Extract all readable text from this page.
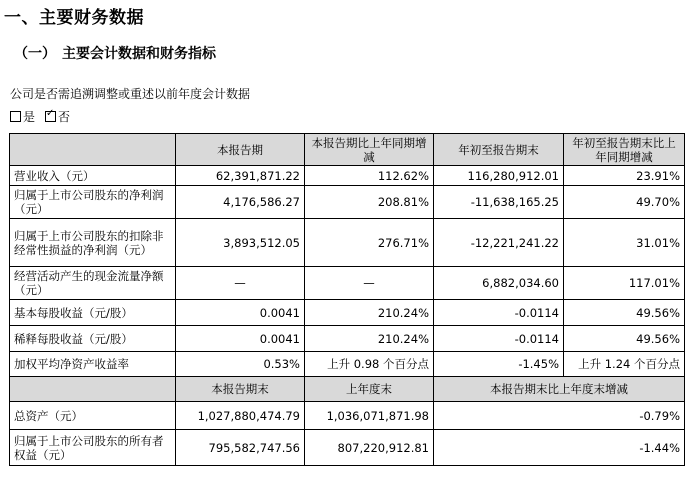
一、主要财务数据
（一） 主要会计数据和财务指标
公司是否需追溯调整或重述以前年度会计数据
是 ✓ 否
	本报告期	本报告期比上年同期增减	年初至报告期末	年初至报告期末比上年同期增减
营业收入（元）	62,391,871.22	112.62%	116,280,912.01	23.91%
归属于上市公司股东的净利润（元）	4,176,586.27	208.81%	-11,638,165.25	49.70%
归属于上市公司股东的扣除非经常性损益的净利润（元）	3,893,512.05	276.71%	-12,221,241.22	31.01%
经营活动产生的现金流量净额（元）	—	—	6,882,034.60	117.01%
基本每股收益（元/股）	0.0041	210.24%	-0.0114	49.56%
稀释每股收益（元/股）	0.0041	210.24%	-0.0114	49.56%
加权平均净资产收益率	0.53%	上升 0.98 个百分点	-1.45%	上升 1.24 个百分点
	本报告期末	上年度末	本报告期末比上年度末增减	
总资产（元）	1,027,880,474.79	1,036,071,871.98	-0.79%	
归属于上市公司股东的所有者权益（元）	795,582,747.56	807,220,912.81	-1.44%	
